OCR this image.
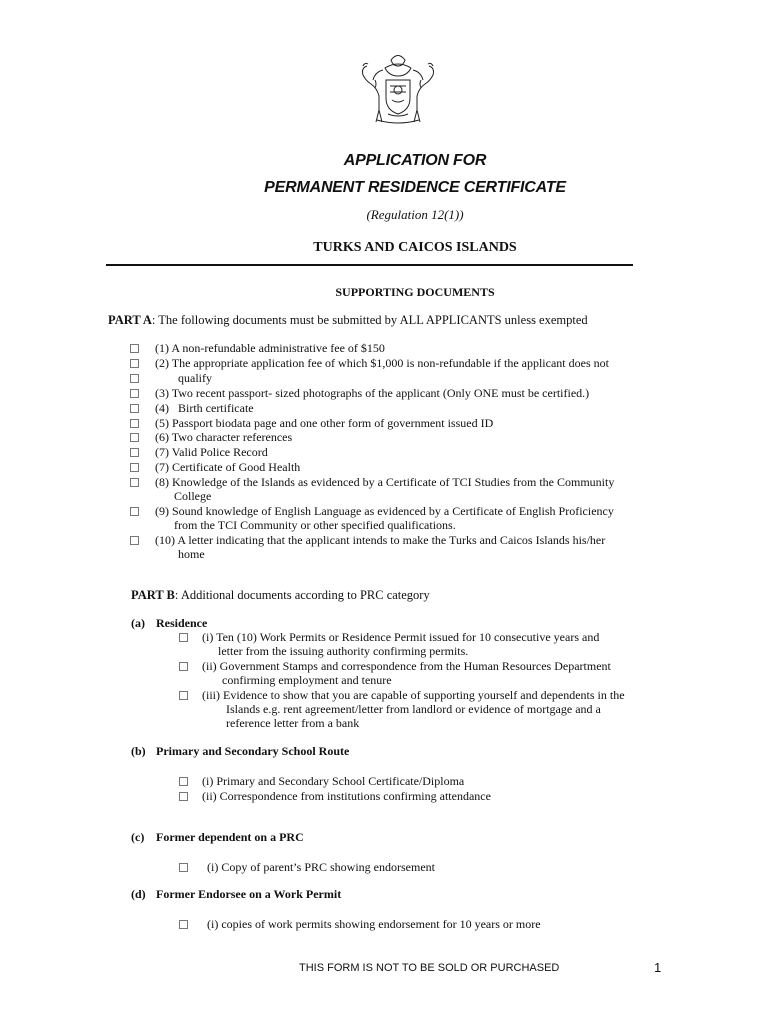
APPLICATION FOR
PERMANENT RESIDENCE CERTIFICATE
(Regulation 12(1))
TURKS AND CAICOS ISLANDS
SUPPORTING DOCUMENTS
PART A: The following documents must be submitted by ALL APPLICANTS unless exempted
(1) A non-refundable administrative fee of $150
(2) The appropriate application fee of which $1,000 is non-refundable if the applicant does not
qualify
(3) Two recent passport- sized photographs of the applicant (Only ONE must be certified.)
(4)   Birth certificate
(5) Passport biodata page and one other form of government issued ID
(6) Two character references
(7) Valid Police Record
(7) Certificate of Good Health
(8) Knowledge of the Islands as evidenced by a Certificate of TCI Studies from the Community
College
(9) Sound knowledge of English Language as evidenced by a Certificate of English Proficiency
from the TCI Community or other specified qualifications.
(10) A letter indicating that the applicant intends to make the Turks and Caicos Islands his/her
home
PART B: Additional documents according to PRC category
(a) Residence
(i) Ten (10) Work Permits or Residence Permit issued for 10 consecutive years and
letter from the issuing authority confirming permits.
(ii) Government Stamps and correspondence from the Human Resources Department
confirming employment and tenure
(iii) Evidence to show that you are capable of supporting yourself and dependents in the
Islands e.g. rent agreement/letter from landlord or evidence of mortgage and a
reference letter from a bank
(b) Primary and Secondary School Route
(i) Primary and Secondary School Certificate/Diploma
(ii) Correspondence from institutions confirming attendance
(c) Former dependent on a PRC
(i) Copy of parent’s PRC showing endorsement
(d) Former Endorsee on a Work Permit
(i) copies of work permits showing endorsement for 10 years or more
THIS FORM IS NOT TO BE SOLD OR PURCHASED	1
